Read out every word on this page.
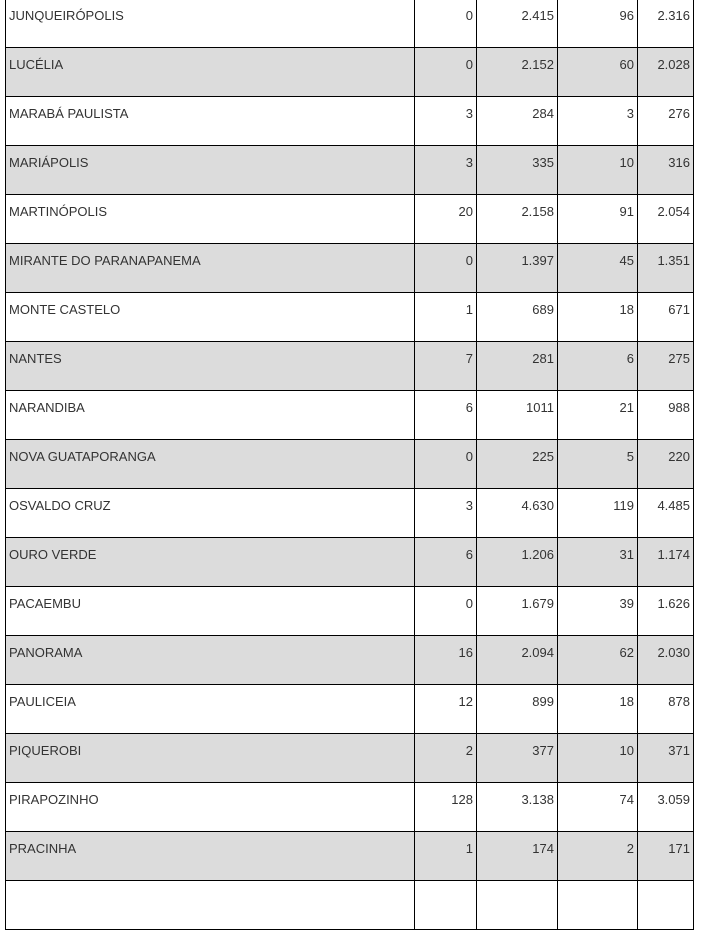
JUNQUEIRÓPOLIS	0	2.415	96	2.316

LUCÉLIA	0	2.152	60	2.028

MARABÁ PAULISTA	3	284	3	276

MARIÁPOLIS	3	335	10	316

MARTINÓPOLIS	20	2.158	91	2.054

MIRANTE DO PARANAPANEMA	0	1.397	45	1.351

MONTE CASTELO	1	689	18	671

NANTES	7	281	6	275

NARANDIBA	6	1011	21	988

NOVA GUATAPORANGA	0	225	5	220

OSVALDO CRUZ	3	4.630	119	4.485

OURO VERDE	6	1.206	31	1.174

PACAEMBU	0	1.679	39	1.626

PANORAMA	16	2.094	62	2.030

PAULICEIA	12	899	18	878

PIQUEROBI	2	377	10	371

PIRAPOZINHO	128	3.138	74	3.059

PRACINHA	1	174	2	171
